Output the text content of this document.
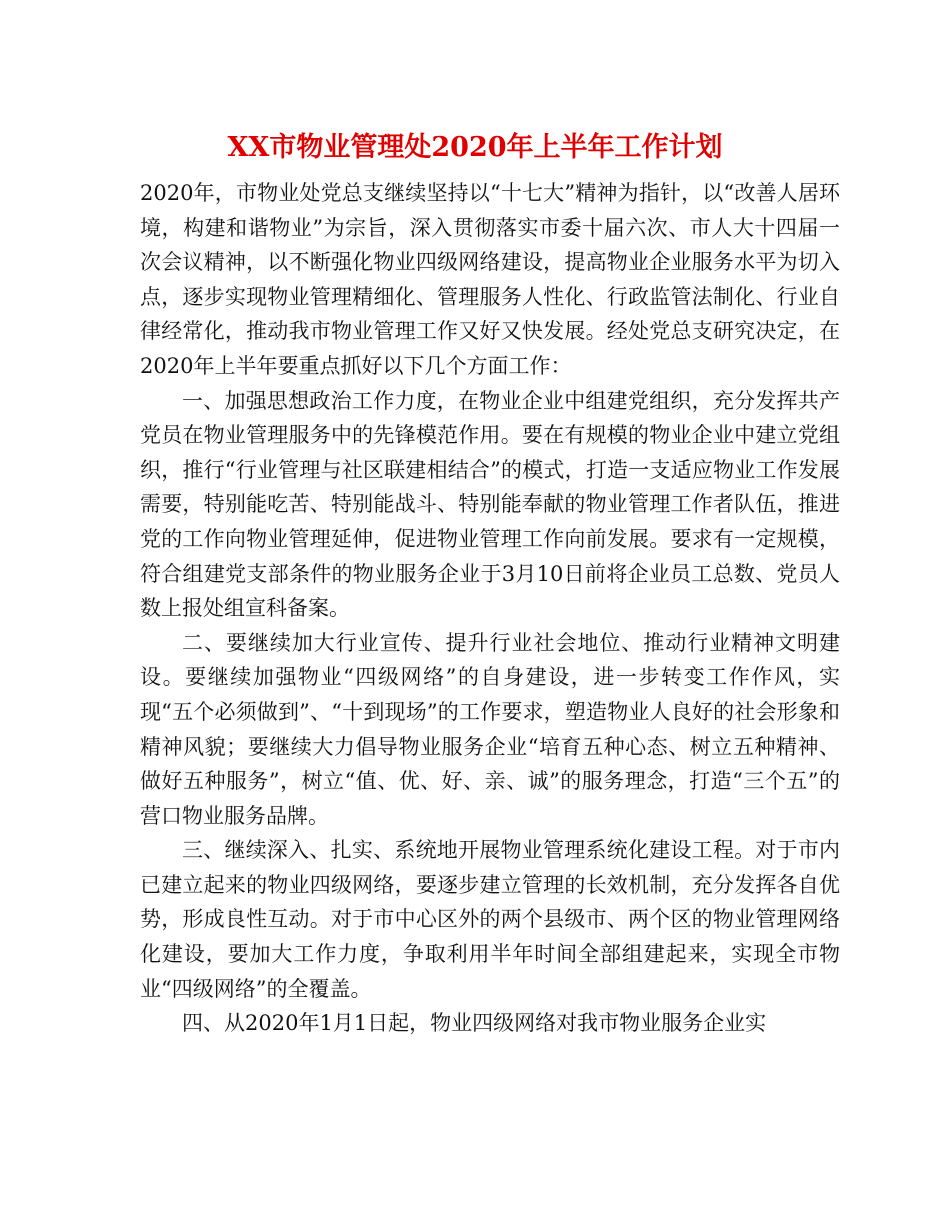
XX市物业管理处2020年上半年工作计划

2020年，市物业处党总支继续坚持以“十七大”精神为指针，以“改善人居环境，构建和谐物业”为宗旨，深入贯彻落实市委十届六次、市人大十四届一次会议精神，以不断强化物业四级网络建设，提高物业企业服务水平为切入点，逐步实现物业管理精细化、管理服务人性化、行政监管法制化、行业自律经常化，推动我市物业管理工作又好又快发展。经处党总支研究决定，在2020年上半年要重点抓好以下几个方面工作：

一、加强思想政治工作力度，在物业企业中组建党组织，充分发挥共产党员在物业管理服务中的先锋模范作用。要在有规模的物业企业中建立党组织，推行“行业管理与社区联建相结合”的模式，打造一支适应物业工作发展需要，特别能吃苦、特别能战斗、特别能奉献的物业管理工作者队伍，推进党的工作向物业管理延伸，促进物业管理工作向前发展。要求有一定规模，符合组建党支部条件的物业服务企业于3月10日前将企业员工总数、党员人数上报处组宣科备案。

二、要继续加大行业宣传、提升行业社会地位、推动行业精神文明建设。要继续加强物业“四级网络”的自身建设，进一步转变工作作风，实现“五个必须做到”、“十到现场”的工作要求，塑造物业人良好的社会形象和精神风貌；要继续大力倡导物业服务企业“培育五种心态、树立五种精神、做好五种服务”，树立“值、优、好、亲、诚”的服务理念，打造“三个五”的营口物业服务品牌。

三、继续深入、扎实、系统地开展物业管理系统化建设工程。对于市内已建立起来的物业四级网络，要逐步建立管理的长效机制，充分发挥各自优势，形成良性互动。对于市中心区外的两个县级市、两个区的物业管理网络化建设，要加大工作力度，争取利用半年时间全部组建起来，实现全市物业“四级网络”的全覆盖。

四、从2020年1月1日起，物业四级网络对我市物业服务企业实
